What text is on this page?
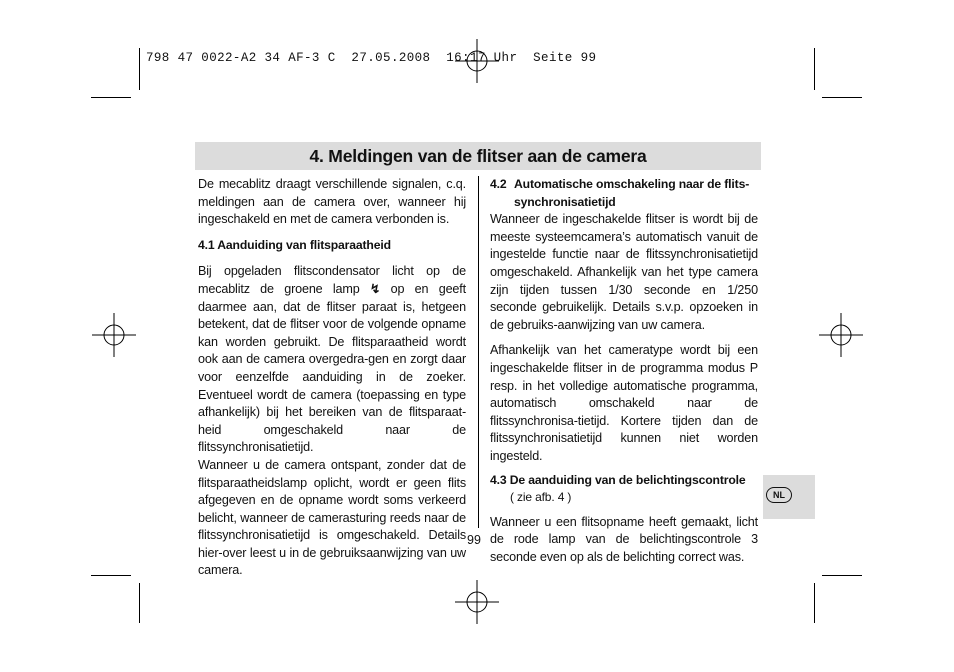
798 47 0022-A2 34 AF-3 C  27.05.2008  16:17 Uhr  Seite 99
4. Meldingen van de flitser aan de camera

De mecablitz draagt verschillende signalen, c.q. meldingen aan de camera over, wanneer hij ingeschakeld en met de camera verbonden is.

4.1 Aanduiding van flitsparaatheid

Bij opgeladen flitscondensator licht op de mecablitz de groene lamp ↯ op en geeft daarmee aan, dat de flitser paraat is, hetgeen betekent, dat de flitser voor de volgende opname kan worden gebruikt. De flitsparaatheid wordt ook aan de camera overgedra-gen en zorgt daar voor eenzelfde aanduiding in de zoeker. Eventueel wordt de camera (toepassing en type afhankelijk) bij het bereiken van de flitsparaat-heid omgeschakeld naar de flitssynchronisatietijd.

Wanneer u de camera ontspant, zonder dat de flitsparaatheidslamp oplicht, wordt er geen flits afgegeven en de opname wordt soms verkeerd belicht, wanneer de camerasturing reeds naar de flitssynchronisatietijd is omgeschakeld. Details hier-over leest u in de gebruiksaanwijzing van uw camera.

4.2 Automatische omschakeling naar de flits-
synchronisatietijd

Wanneer de ingeschakelde flitser is wordt bij de meeste systeemcamera’s automatisch vanuit de ingestelde functie naar de flitssynchronisatietijd omgeschakeld. Afhankelijk van het type camera zijn tijden tussen 1/30 seconde en 1/250 seconde gebruikelijk. Details s.v.p. opzoeken in de gebruiks-aanwijzing van uw camera.

Afhankelijk van het cameratype wordt bij een ingeschakelde flitser in de programma modus P resp. in het volledige automatische programma, automatisch omschakeld naar de flitssynchronisa-tietijd. Kortere tijden dan de flitssynchronisatietijd kunnen niet worden ingesteld.

4.3 De aanduiding van de belichtingscontrole
( zie afb. 4 )

Wanneer u een flitsopname heeft gemaakt, licht de rode lamp van de belichtingscontrole 3 seconde even op als de belichting correct was.

99
NL
